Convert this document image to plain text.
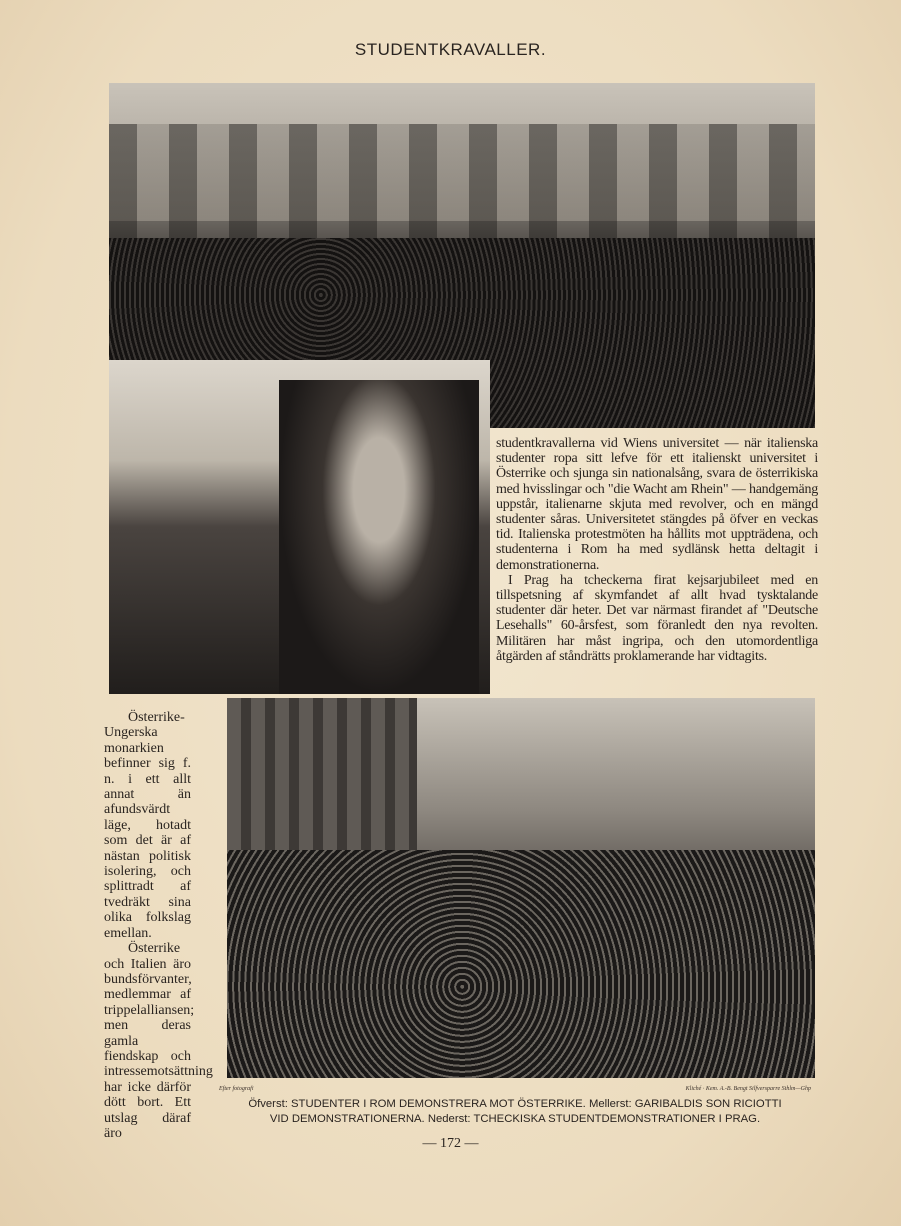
STUDENTKRAVALLER.

studentkravallerna vid Wiens universitet — när italienska studenter ropa sitt lefve för ett italienskt universitet i Österrike och sjunga sin nationalsång, svara de österrikiska med hvisslingar och "die Wacht am Rhein" — handgemäng uppstår, italienarne skjuta med revolver, och en mängd studenter såras. Universitetet stängdes på öfver en veckas tid. Italienska protestmöten ha hållits mot uppträdena, och studenterna i Rom ha med sydlänsk hetta deltagit i demonstrationerna.

I Prag ha tcheckerna firat kejsarjubileet med en tillspetsning af skymfandet af allt hvad tysktalande studenter där heter. Det var närmast firandet af "Deutsche Lesehalls" 60-årsfest, som föranledt den nya revolten. Militären har måst ingripa, och den utomordentliga åtgärden af ståndrätts proklamerande har vidtagits.

Österrike-Ungerska monarkien befinner sig f. n. i ett allt annat än afundsvärdt läge, hotadt som det är af nästan politisk isolering, och splittradt af tvedräkt sina olika folkslag emellan.

Österrike och Italien äro bundsförvanter, medlemmar af trippelalliansen; men deras gamla fiendskap och intressemotsättning har icke därför dött bort. Ett utslag däraf äro

Efter fotografi	Kliché · Kem. A.-B. Bengt Silfversparre Sthlm—Ghp
Öfverst: STUDENTER I ROM DEMONSTRERA MOT ÖSTERRIKE. Mellerst: GARIBALDIS SON RICIOTTI
VID DEMONSTRATIONERNA. Nederst: TCHECKISKA STUDENTDEMONSTRATIONER I PRAG.
— 172 —
